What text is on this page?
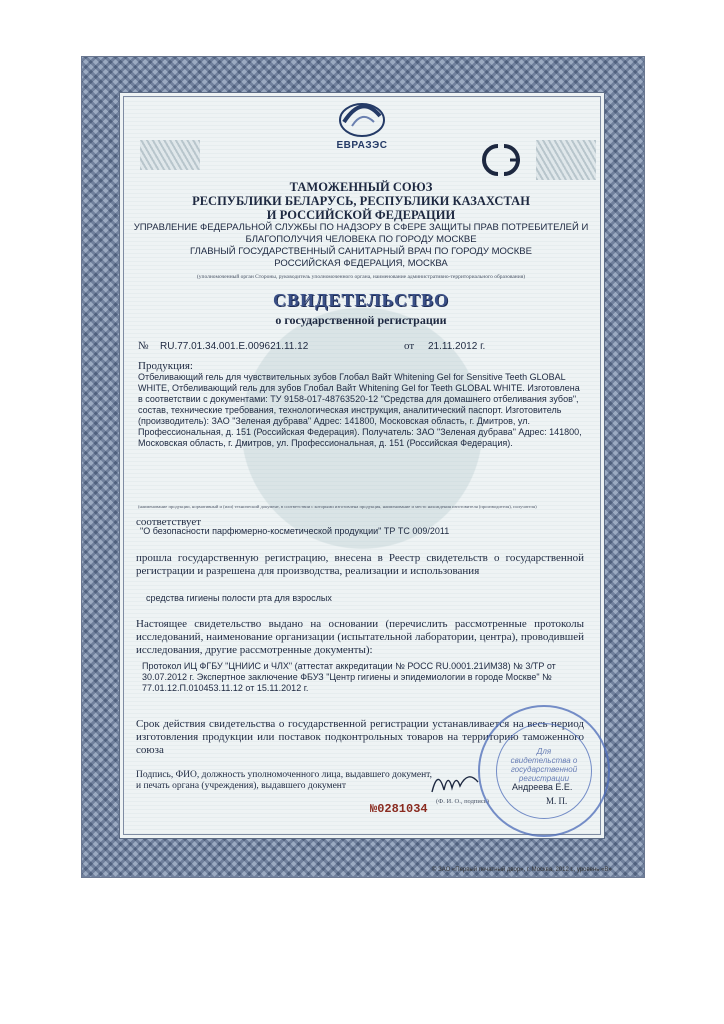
ЕВРАЗЭС
ТАМОЖЕННЫЙ СОЮЗ
РЕСПУБЛИКИ БЕЛАРУСЬ, РЕСПУБЛИКИ КАЗАХСТАН
И РОССИЙСКОЙ ФЕДЕРАЦИИ
УПРАВЛЕНИЕ ФЕДЕРАЛЬНОЙ СЛУЖБЫ ПО НАДЗОРУ В СФЕРЕ ЗАЩИТЫ ПРАВ ПОТРЕБИТЕЛЕЙ И
БЛАГОПОЛУЧИЯ ЧЕЛОВЕКА ПО ГОРОДУ МОСКВЕ
ГЛАВНЫЙ ГОСУДАРСТВЕННЫЙ САНИТАРНЫЙ ВРАЧ ПО ГОРОДУ МОСКВЕ
РОССИЙСКАЯ ФЕДЕРАЦИЯ, МОСКВА
(уполномоченный орган Стороны, руководитель уполномоченного органа, наименование административно-территориального образования)
СВИДЕТЕЛЬСТВО
о государственной регистрации
№ RU.77.01.34.001.E.009621.11.12	от 21.11.2012 г.
Продукция:
Отбеливающий гель для чувствительных зубов Глобал Вайт Whitening Gel for Sensitive Teeth GLOBAL WHITE, Отбеливающий гель для зубов Глобал Вайт Whitening Gel for Teeth GLOBAL WHITE. Изготовлена в соответствии с документами: ТУ 9158-017-48763520-12 "Средства для домашнего отбеливания зубов", состав, технические требования, технологическая инструкция, аналитический паспорт. Изготовитель (производитель): ЗАО "Зеленая дубрава" Адрес: 141800, Московская область, г. Дмитров, ул. Профессиональная, д. 151 (Российская Федерация). Получатель: ЗАО "Зеленая дубрава" Адрес: 141800, Московская область, г. Дмитров, ул. Профессиональная, д. 151 (Российская Федерация).
(наименование продукции, нормативный и (или) технический документ, в соответствии с которыми изготовлена продукция, наименование и место нахождения изготовителя (производителя), получателя)
соответствует
"О безопасности парфюмерно-косметической продукции" ТР ТС 009/2011
прошла государственную регистрацию, внесена в Реестр свидетельств о государственной регистрации и разрешена для производства, реализации и использования
средства гигиены полости рта для взрослых
Настоящее свидетельство выдано на основании (перечислить рассмотренные протоколы исследований, наименование организации (испытательной лаборатории, центра), проводившей исследования, другие рассмотренные документы):
Протокол ИЦ ФГБУ "ЦНИИС и ЧЛХ" (аттестат аккредитации № РОСС RU.0001.21ИМ38) № 3/ТР от 30.07.2012 г. Экспертное заключение ФБУЗ "Центр гигиены и эпидемиологии в городе Москве" № 77.01.12.П.010453.11.12 от 15.11.2012 г.
Срок действия свидетельства о государственной регистрации устанавливается на весь период изготовления продукции или поставок подконтрольных товаров на территорию таможенного союза
Подпись, ФИО, должность уполномоченного лица, выдавшего документ, и печать органа (учреждения), выдавшего документ	Андреева Е.Е.
(Ф. И. О., подпись)	М. П.
Для свидетельства о государственной регистрации
№0281034
© ЗАО «Первый печатный двор», г. Москва, 2012 г., уровень «В»
